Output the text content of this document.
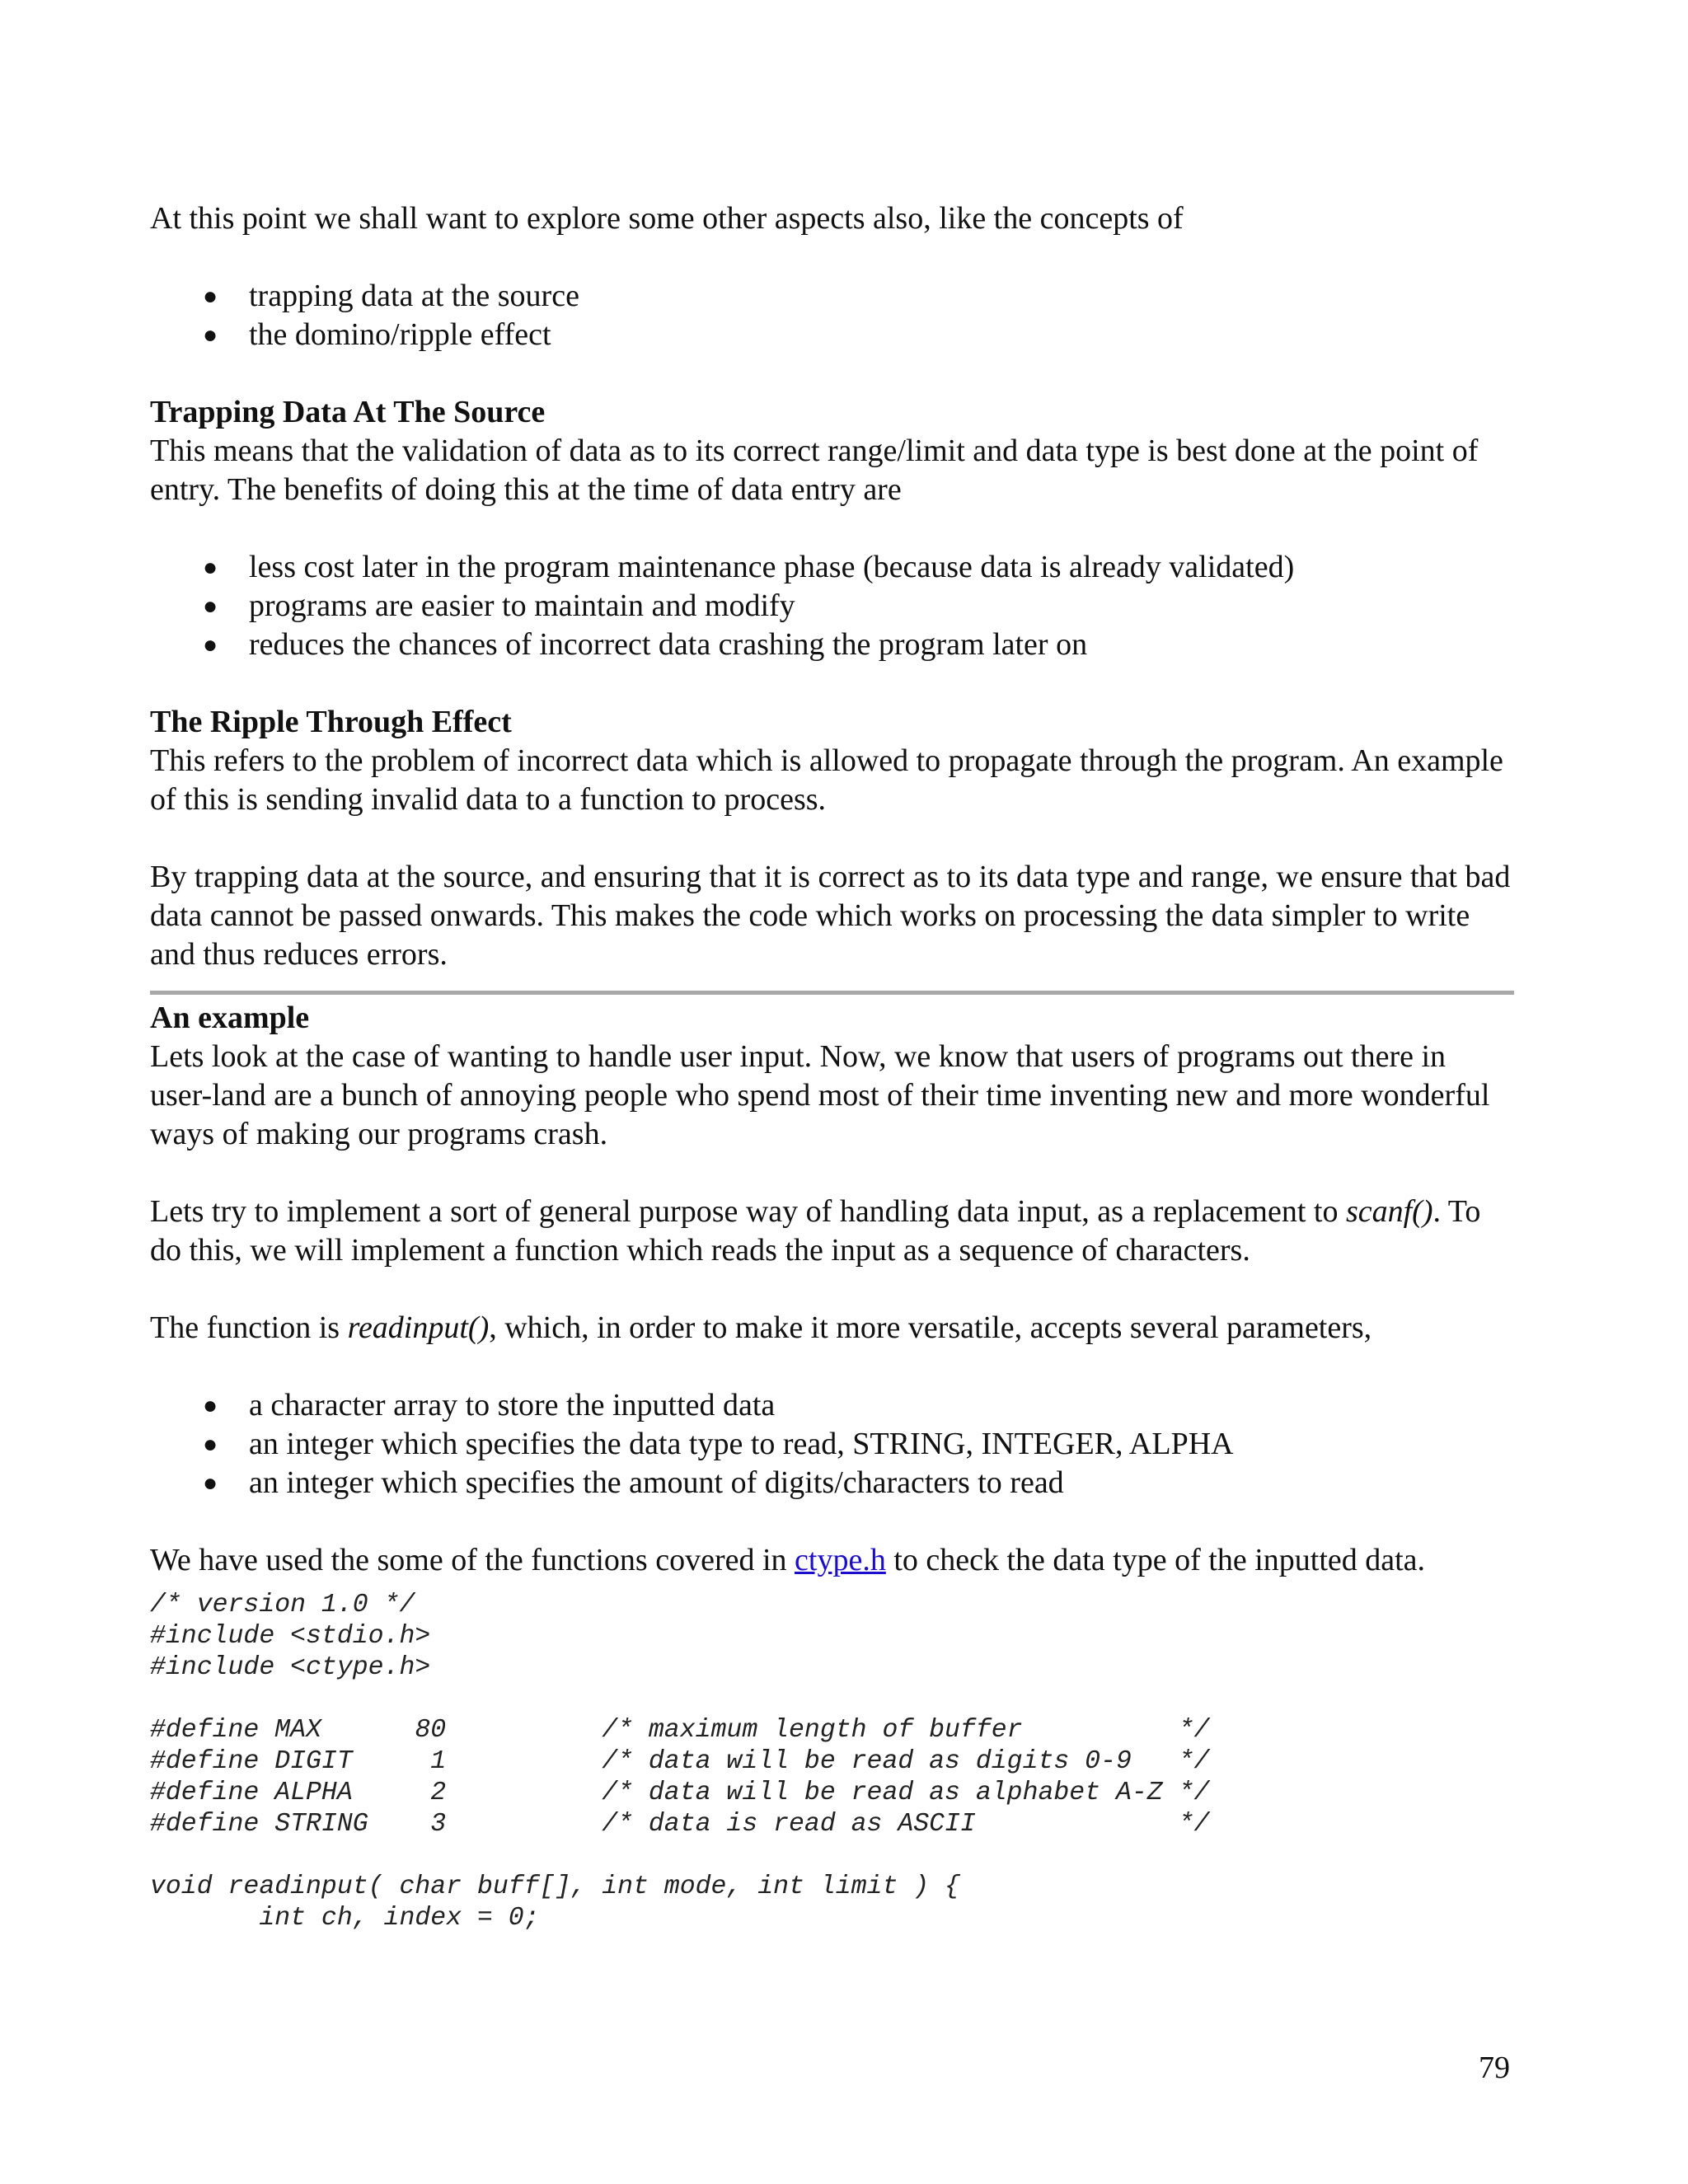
At this point we shall want to explore some other aspects also, like the concepts of

● trapping data at the source
● the domino/ripple effect

Trapping Data At The Source

This means that the validation of data as to its correct range/limit and data type is best done at the point of entry. The benefits of doing this at the time of data entry are

● less cost later in the program maintenance phase (because data is already validated)
● programs are easier to maintain and modify
● reduces the chances of incorrect data crashing the program later on

The Ripple Through Effect

This refers to the problem of incorrect data which is allowed to propagate through the program. An example of this is sending invalid data to a function to process.

By trapping data at the source, and ensuring that it is correct as to its data type and range, we ensure that bad data cannot be passed onwards. This makes the code which works on processing the data simpler to write and thus reduces errors.

An example

Lets look at the case of wanting to handle user input. Now, we know that users of programs out there in user-land are a bunch of annoying people who spend most of their time inventing new and more wonderful ways of making our programs crash.

Lets try to implement a sort of general purpose way of handling data input, as a replacement to scanf(). To do this, we will implement a function which reads the input as a sequence of characters.

The function is readinput(), which, in order to make it more versatile, accepts several parameters,

● a character array to store the inputted data
● an integer which specifies the data type to read, STRING, INTEGER, ALPHA
● an integer which specifies the amount of digits/characters to read

We have used the some of the functions covered in ctype.h to check the data type of the inputted data.

/* version 1.0 */
#include <stdio.h>
#include <ctype.h>

#define MAX      80          /* maximum length of buffer          */
#define DIGIT     1          /* data will be read as digits 0-9   */
#define ALPHA     2          /* data will be read as alphabet A-Z */
#define STRING    3          /* data is read as ASCII             */

void readinput( char buff[], int mode, int limit ) {
int ch, index = 0;
79
